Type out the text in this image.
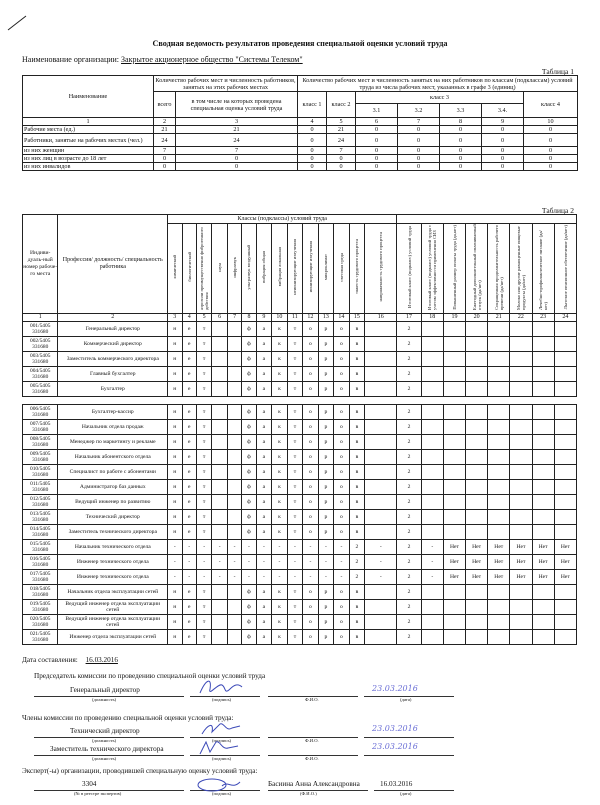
Сводная ведомость результатов проведения специальной оценки условий труда
Наименование организации: Закрытое акционерное общество "Системы Телеком"
Таблица 1
Наименование	Количество рабочих мест и численность работников, занятых на этих рабочих местах		Количество рабочих мест и численность занятых на них работников по классам (подклассам) условий труда из числа рабочих мест, указанных в графе 3 (единиц)						
	всего	в том числе на которых проведена специальная оценка условий труда	класс 1	класс 2	класс 3				класс 4
					3.1	3.2	3.3	3.4.	
1	2	3	4	5	6	7	8	9	10
Рабочие места (ед.)	21	21	0	21	0	0	0	0	0
Работники, занятые на рабочих местах (чел.)	24	24	0	24	0	0	0	0	0
из них женщин	7	7	0	7	0	0	0	0	0
из них лиц в возрасте до 18 лет	0	0	0	0	0	0	0	0	0
из них инвалидов	0	0	0	0	0	0	0	0	0
Таблица 2
Индиви-дуаль-ный номер рабоче-го места	Профессия/ должность/ специальность работника	Классы (подклассы) условий труда																					
		химический	биологический	аэрозоли преимущественно фиброгенного действия	шум	инфразвук	ультразвук воздушный	вибрация общая	вибрация локальная	неионизирующие излучения	ионизирующие излучения	микроклимат	световая среда	тяжесть трудового процесса	напряженность трудового процесса	Итоговый класс (подкласс) условий труда	Итоговый класс (подкласс) условий труда с учетом эффективности применения СИЗ	Повышенный размер оплаты труда (да,нет)	Ежегодный дополнительный оплачиваемый отпуск (да/нет)	Сокращенная продолжительность рабочего времени (да/нет)	Молоко или другие равноценные пищевые продукты (да/нет)	Лечебно-профилактическое питание (да/нет)	Льготное пенсионное обеспечение (да/нет)
1	2	3	4	5	6	7	8	9	10	11	12	13	14	15	16	17	18	19	20	21	22	23	24
001/5405 331680	Генеральный директор	н	е	т			ф	а	к	т	о	р	о	в		2							
002/5405 331680	Коммерческий директор	н	е	т			ф	а	к	т	о	р	о	в		2							
003/5405 331680	Заместитель коммерческого директора	н	е	т			ф	а	к	т	о	р	о	в		2							
004/5405 331680	Главный бухгалтер	н	е	т			ф	а	к	т	о	р	о	в		2							
005/5405 331680	Бухгалтер	н	е	т			ф	а	к	т	о	р	о	в		2							

006/5405 331680	Бухгалтер-кассир	н	е	т			ф	а	к	т	о	р	о	в		2							
007/5405 331680	Начальник отдела продаж	н	е	т			ф	а	к	т	о	р	о	в		2							
008/5405 331680	Менеджер по маркетингу и рекламе	н	е	т			ф	а	к	т	о	р	о	в		2							
009/5405 331680	Начальник абонентского отдела	н	е	т			ф	а	к	т	о	р	о	в		2							
010/5405 331680	Специалист по работе с абонентами	н	е	т			ф	а	к	т	о	р	о	в		2							
011/5405 331680	Администратор баз данных	н	е	т			ф	а	к	т	о	р	о	в		2							
012/5405 331680	Ведущий инженер по развитию	н	е	т			ф	а	к	т	о	р	о	в		2							
013/5405 331680	Технический директор	н	е	т			ф	а	к	т	о	р	о	в		2							
014/5405 331680	Заместитель технического директора	н	е	т			ф	а	к	т	о	р	о	в		2							
015/5405 331680	Начальник технического отдела	-	-	-	-	-	-	-	-	-	-	-	-	2	-	2	-	Нет	Нет	Нет	Нет	Нет	Нет
016/5405 331680	Инженер технического отдела	-	-	-	-	-	-	-	-	-	-	-	-	2	-	2	-	Нет	Нет	Нет	Нет	Нет	Нет
017/5405 331680	Инженер технического отдела	-	-	-	-	-	-	-	-	-	-	-	-	2	-	2	-	Нет	Нет	Нет	Нет	Нет	Нет
018/5405 331680	Начальник отдела эксплуатации сетей	н	е	т			ф	а	к	т	о	р	о	в		2							
019/5405 331680	Ведущий инженер отдела эксплуатации сетей	н	е	т			ф	а	к	т	о	р	о	в		2							
020/5405 331680	Ведущий инженер отдела эксплуатации сетей	н	е	т			ф	а	к	т	о	р	о	в		2							
021/5405 331680	Инженер отдела эксплуатации сетей	н	е	т			ф	а	к	т	о	р	о	в		2							
Дата составления: 16.03.2016
Председатель комиссии по проведению специальной оценки условий труда
Генеральный директор
(должность)	(подпись)	Ф.И.О.	(дата)
23.03.2016
Члены комиссии по проведению специальной оценки условий труда:
Технический директор
(должность)	(подпись)	Ф.И.О.
23.03.2016
Заместитель технического директора
(должность)	(подпись)	Ф.И.О.
23.03.2016
Эксперт(-ы) организации, проводившей специальную оценку условий труда:
3304	Басиина Анна Александровна	16.03.2016
(№ в реестре экспертов)	(подпись)	(Ф.И.О.)	(дата)
